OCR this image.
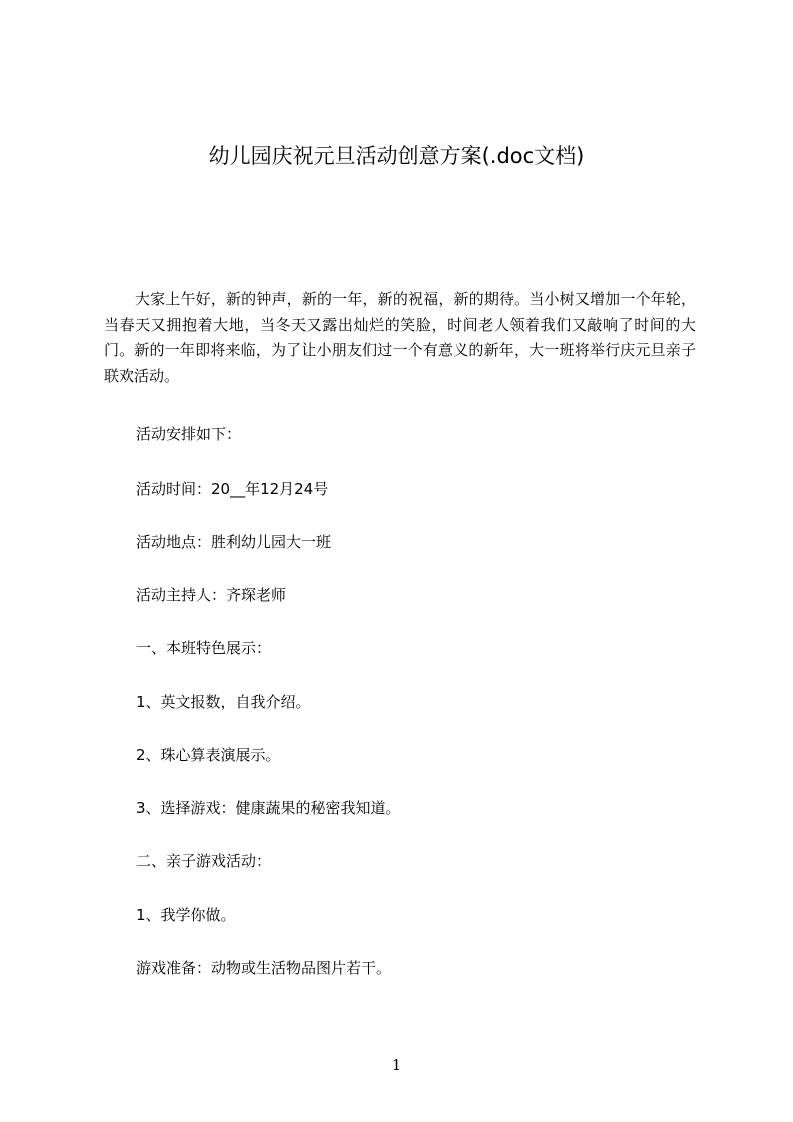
幼儿园庆祝元旦活动创意方案(.doc文档)

大家上午好，新的钟声，新的一年，新的祝福，新的期待。当小树又增加一个年轮，当春天又拥抱着大地，当冬天又露出灿烂的笑脸，时间老人领着我们又敲响了时间的大门。新的一年即将来临，为了让小朋友们过一个有意义的新年，大一班将举行庆元旦亲子联欢活动。

活动安排如下：

活动时间：20__年12月24号

活动地点：胜利幼儿园大一班

活动主持人：齐琛老师

一、本班特色展示：

1、英文报数，自我介绍。

2、珠心算表演展示。

3、选择游戏：健康蔬果的秘密我知道。

二、亲子游戏活动：

1、我学你做。

游戏准备：动物或生活物品图片若干。

1
